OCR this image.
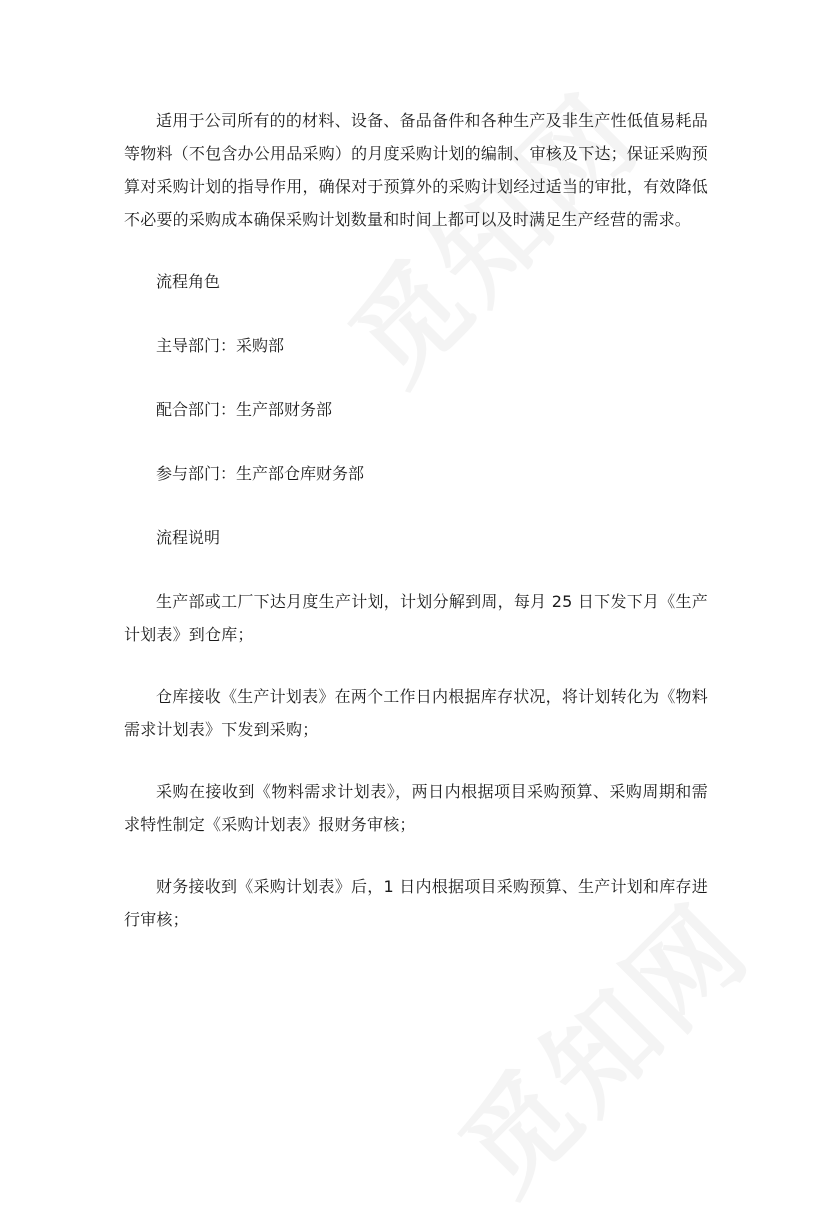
适用于公司所有的的材料、设备、备品备件和各种生产及非生产性低值易耗品等物料（不包含办公用品采购）的月度采购计划的编制、审核及下达；保证采购预算对采购计划的指导作用，确保对于预算外的采购计划经过适当的审批，有效降低不必要的采购成本确保采购计划数量和时间上都可以及时满足生产经营的需求。

流程角色

主导部门：采购部

配合部门：生产部财务部

参与部门：生产部仓库财务部

流程说明

生产部或工厂下达月度生产计划，计划分解到周，每月 25 日下发下月《生产计划表》到仓库；

仓库接收《生产计划表》在两个工作日内根据库存状况，将计划转化为《物料需求计划表》下发到采购；

采购在接收到《物料需求计划表》，两日内根据项目采购预算、采购周期和需求特性制定《采购计划表》报财务审核；

财务接收到《采购计划表》后，1 日内根据项目采购预算、生产计划和库存进行审核；
